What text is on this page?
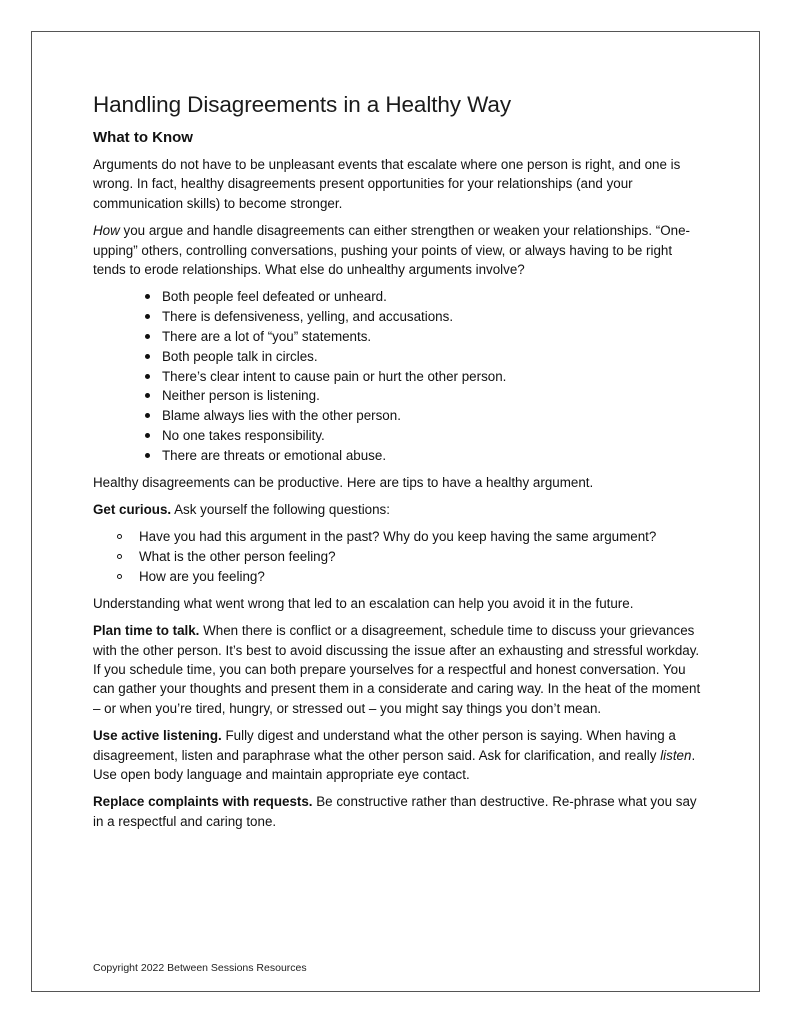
Handling Disagreements in a Healthy Way
What to Know

Arguments do not have to be unpleasant events that escalate where one person is right, and one is wrong. In fact, healthy disagreements present opportunities for your relationships (and your communication skills) to become stronger.

How you argue and handle disagreements can either strengthen or weaken your relationships. “One-upping” others, controlling conversations, pushing your points of view, or always having to be right tends to erode relationships. What else do unhealthy arguments involve?

Both people feel defeated or unheard.
There is defensiveness, yelling, and accusations.
There are a lot of “you” statements.
Both people talk in circles.
There’s clear intent to cause pain or hurt the other person.
Neither person is listening.
Blame always lies with the other person.
No one takes responsibility.
There are threats or emotional abuse.

Healthy disagreements can be productive. Here are tips to have a healthy argument.

Get curious. Ask yourself the following questions:

Have you had this argument in the past? Why do you keep having the same argument?
What is the other person feeling?
How are you feeling?

Understanding what went wrong that led to an escalation can help you avoid it in the future.

Plan time to talk. When there is conflict or a disagreement, schedule time to discuss your grievances with the other person. It’s best to avoid discussing the issue after an exhausting and stressful workday. If you schedule time, you can both prepare yourselves for a respectful and honest conversation. You can gather your thoughts and present them in a considerate and caring way. In the heat of the moment – or when you’re tired, hungry, or stressed out – you might say things you don’t mean.

Use active listening. Fully digest and understand what the other person is saying. When having a disagreement, listen and paraphrase what the other person said. Ask for clarification, and really listen. Use open body language and maintain appropriate eye contact.

Replace complaints with requests. Be constructive rather than destructive. Re-phrase what you say in a respectful and caring tone.

Copyright 2022 Between Sessions Resources
